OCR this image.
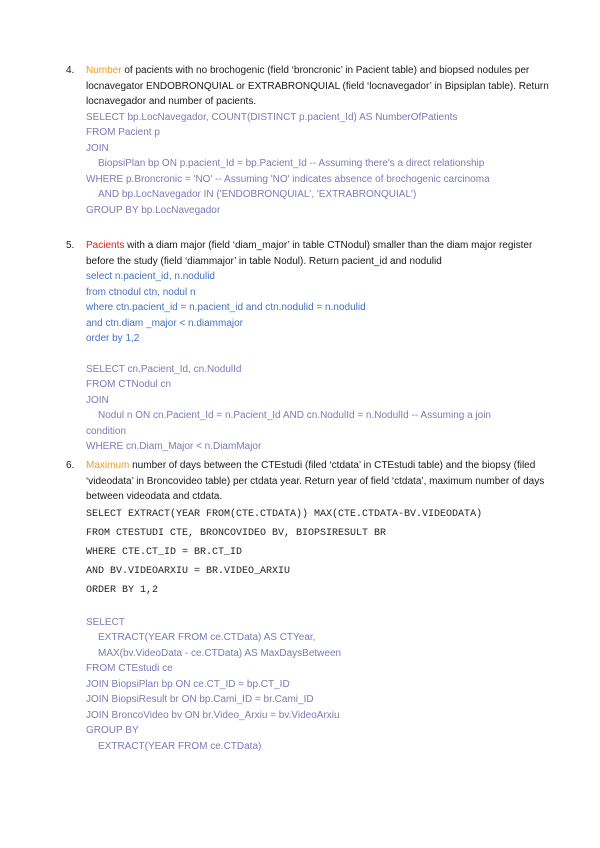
4. Number of pacients with no brochogenic (field ‘broncronic’ in Pacient table) and biopsed nodules per locnavegator ENDOBRONQUIAL or EXTRABRONQUIAL (field ‘locnavegador’ in Bipsiplan table). Return locnavegador and number of pacients.

SELECT bp.LocNavegador, COUNT(DISTINCT p.pacient_Id) AS NumberOfPatients
FROM Pacient p
JOIN
BiopsiPlan bp ON p.pacient_Id = bp.Pacient_Id -- Assuming there's a direct relationship
WHERE p.Broncronic = 'NO' -- Assuming 'NO' indicates absence of brochogenic carcinoma
AND bp.LocNavegador IN ('ENDOBRONQUIAL', 'EXTRABRONQUIAL')
GROUP BY bp.LocNavegador
5. Pacients with a diam major (field ‘diam_major’ in table CTNodul) smaller than the diam major register before the study (field ‘diammajor’ in table Nodul). Return pacient_id and nodulid

select n.pacient_id, n.nodulid
from ctnodul ctn, nodul n
where ctn.pacient_id = n.pacient_id and ctn.nodulid = n.nodulid
and ctn.diam _major < n.diammajor
order by 1,2
SELECT cn.Pacient_Id, cn.NodulId
FROM CTNodul cn
JOIN
Nodul n ON cn.Pacient_Id = n.Pacient_Id AND cn.NodulId = n.NodulId -- Assuming a join
condition
WHERE cn.Diam_Major < n.DiamMajor
6. Maximum number of days between the CTEstudi (filed ‘ctdata’ in CTEstudi table) and the biopsy (filed ‘videodata’ in Broncovideo table) per ctdata year. Return year of field ‘ctdata’, maximum number of days between videodata and ctdata.

SELECT EXTRACT(YEAR FROM(CTE.CTDATA)) MAX(CTE.CTDATA-BV.VIDEODATA)
FROM CTESTUDI CTE, BRONCOVIDEO BV, BIOPSIRESULT BR
WHERE CTE.CT_ID = BR.CT_ID
AND BV.VIDEOARXIU = BR.VIDEO_ARXIU
ORDER BY 1,2
SELECT
EXTRACT(YEAR FROM ce.CTData) AS CTYear,
MAX(bv.VideoData - ce.CTData) AS MaxDaysBetween
FROM CTEstudi ce
JOIN BiopsiPlan bp ON ce.CT_ID = bp.CT_ID
JOIN BiopsiResult br ON bp.Cami_ID = br.Cami_ID
JOIN BroncoVideo bv ON br.Video_Arxiu = bv.VideoArxiu
GROUP BY
EXTRACT(YEAR FROM ce.CTData)
